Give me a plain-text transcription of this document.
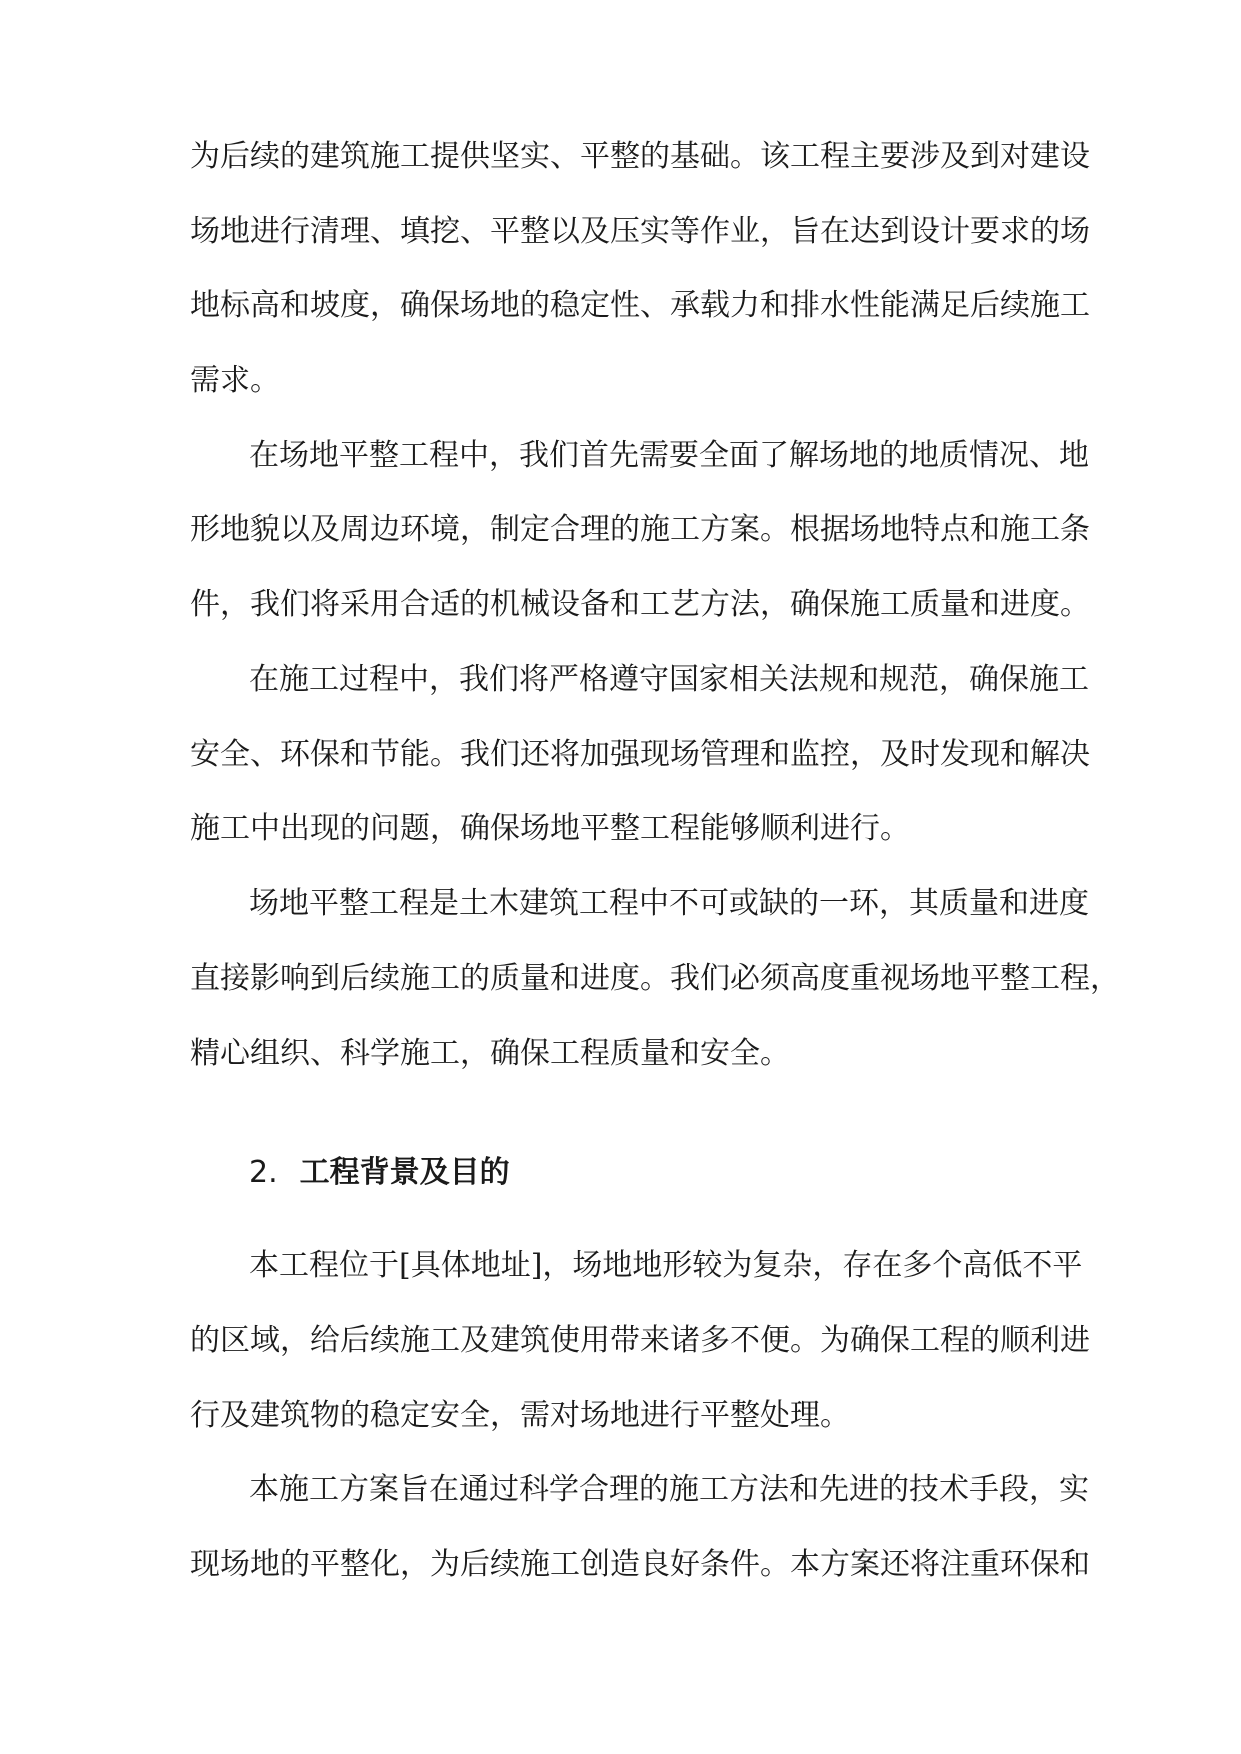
为后续的建筑施工提供坚实、平整的基础。该工程主要涉及到对建设
场地进行清理、填挖、平整以及压实等作业，旨在达到设计要求的场
地标高和坡度，确保场地的稳定性、承载力和排水性能满足后续施工
需求。
在场地平整工程中，我们首先需要全面了解场地的地质情况、地
形地貌以及周边环境，制定合理的施工方案。根据场地特点和施工条
件，我们将采用合适的机械设备和工艺方法，确保施工质量和进度。
在施工过程中，我们将严格遵守国家相关法规和规范，确保施工
安全、环保和节能。我们还将加强现场管理和监控，及时发现和解决
施工中出现的问题，确保场地平整工程能够顺利进行。
场地平整工程是土木建筑工程中不可或缺的一环，其质量和进度
直接影响到后续施工的质量和进度。我们必须高度重视场地平整工程，
精心组织、科学施工，确保工程质量和安全。
2. 工程背景及目的
本工程位于[具体地址]，场地地形较为复杂，存在多个高低不平
的区域，给后续施工及建筑使用带来诸多不便。为确保工程的顺利进
行及建筑物的稳定安全，需对场地进行平整处理。
本施工方案旨在通过科学合理的施工方法和先进的技术手段，实
现场地的平整化，为后续施工创造良好条件。本方案还将注重环保和
